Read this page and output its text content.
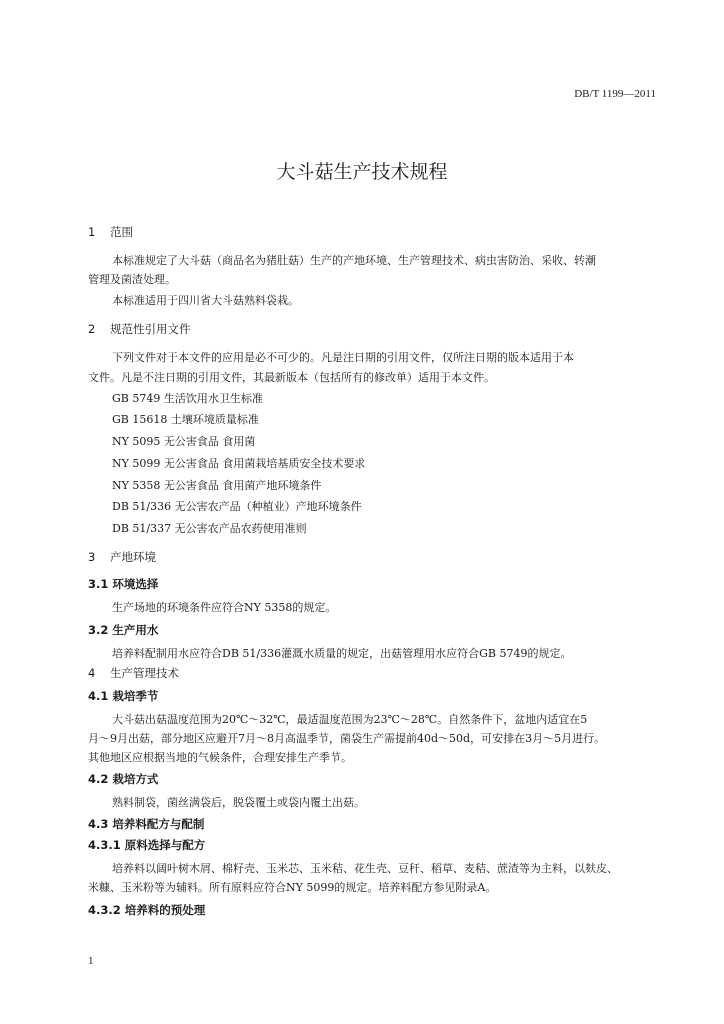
DB/T 1199—2011
大斗菇生产技术规程
1 范围
本标准规定了大斗菇（商品名为猪肚菇）生产的产地环境、生产管理技术、病虫害防治、采收、转潮
管理及菌渣处理。
本标准适用于四川省大斗菇熟料袋栽。
2 规范性引用文件
下列文件对于本文件的应用是必不可少的。凡是注日期的引用文件，仅所注日期的版本适用于本
文件。凡是不注日期的引用文件，其最新版本（包括所有的修改单）适用于本文件。
GB 5749 生活饮用水卫生标准
GB 15618 土壤环境质量标准
NY 5095 无公害食品 食用菌
NY 5099 无公害食品 食用菌栽培基质安全技术要求
NY 5358 无公害食品 食用菌产地环境条件
DB 51/336 无公害农产品（种植业）产地环境条件
DB 51/337 无公害农产品农药使用准则
3 产地环境
3.1 环境选择
生产场地的环境条件应符合NY 5358的规定。
3.2 生产用水
培养料配制用水应符合DB 51/336灌溉水质量的规定，出菇管理用水应符合GB 5749的规定。
4 生产管理技术
4.1 栽培季节
大斗菇出菇温度范围为20℃～32℃，最适温度范围为23℃～28℃。自然条件下，盆地内适宜在5
月～9月出菇，部分地区应避开7月～8月高温季节，菌袋生产需提前40d～50d，可安排在3月～5月进行。
其他地区应根据当地的气候条件，合理安排生产季节。
4.2 栽培方式
熟料制袋，菌丝满袋后，脱袋覆土或袋内覆土出菇。
4.3 培养料配方与配制
4.3.1 原料选择与配方
培养料以阔叶树木屑、棉籽壳、玉米芯、玉米秸、花生壳、豆秆、稻草、麦秸、蔗渣等为主料，以麸皮、
米糠、玉米粉等为辅料。所有原料应符合NY 5099的规定。培养料配方参见附录A。
4.3.2 培养料的预处理
1
